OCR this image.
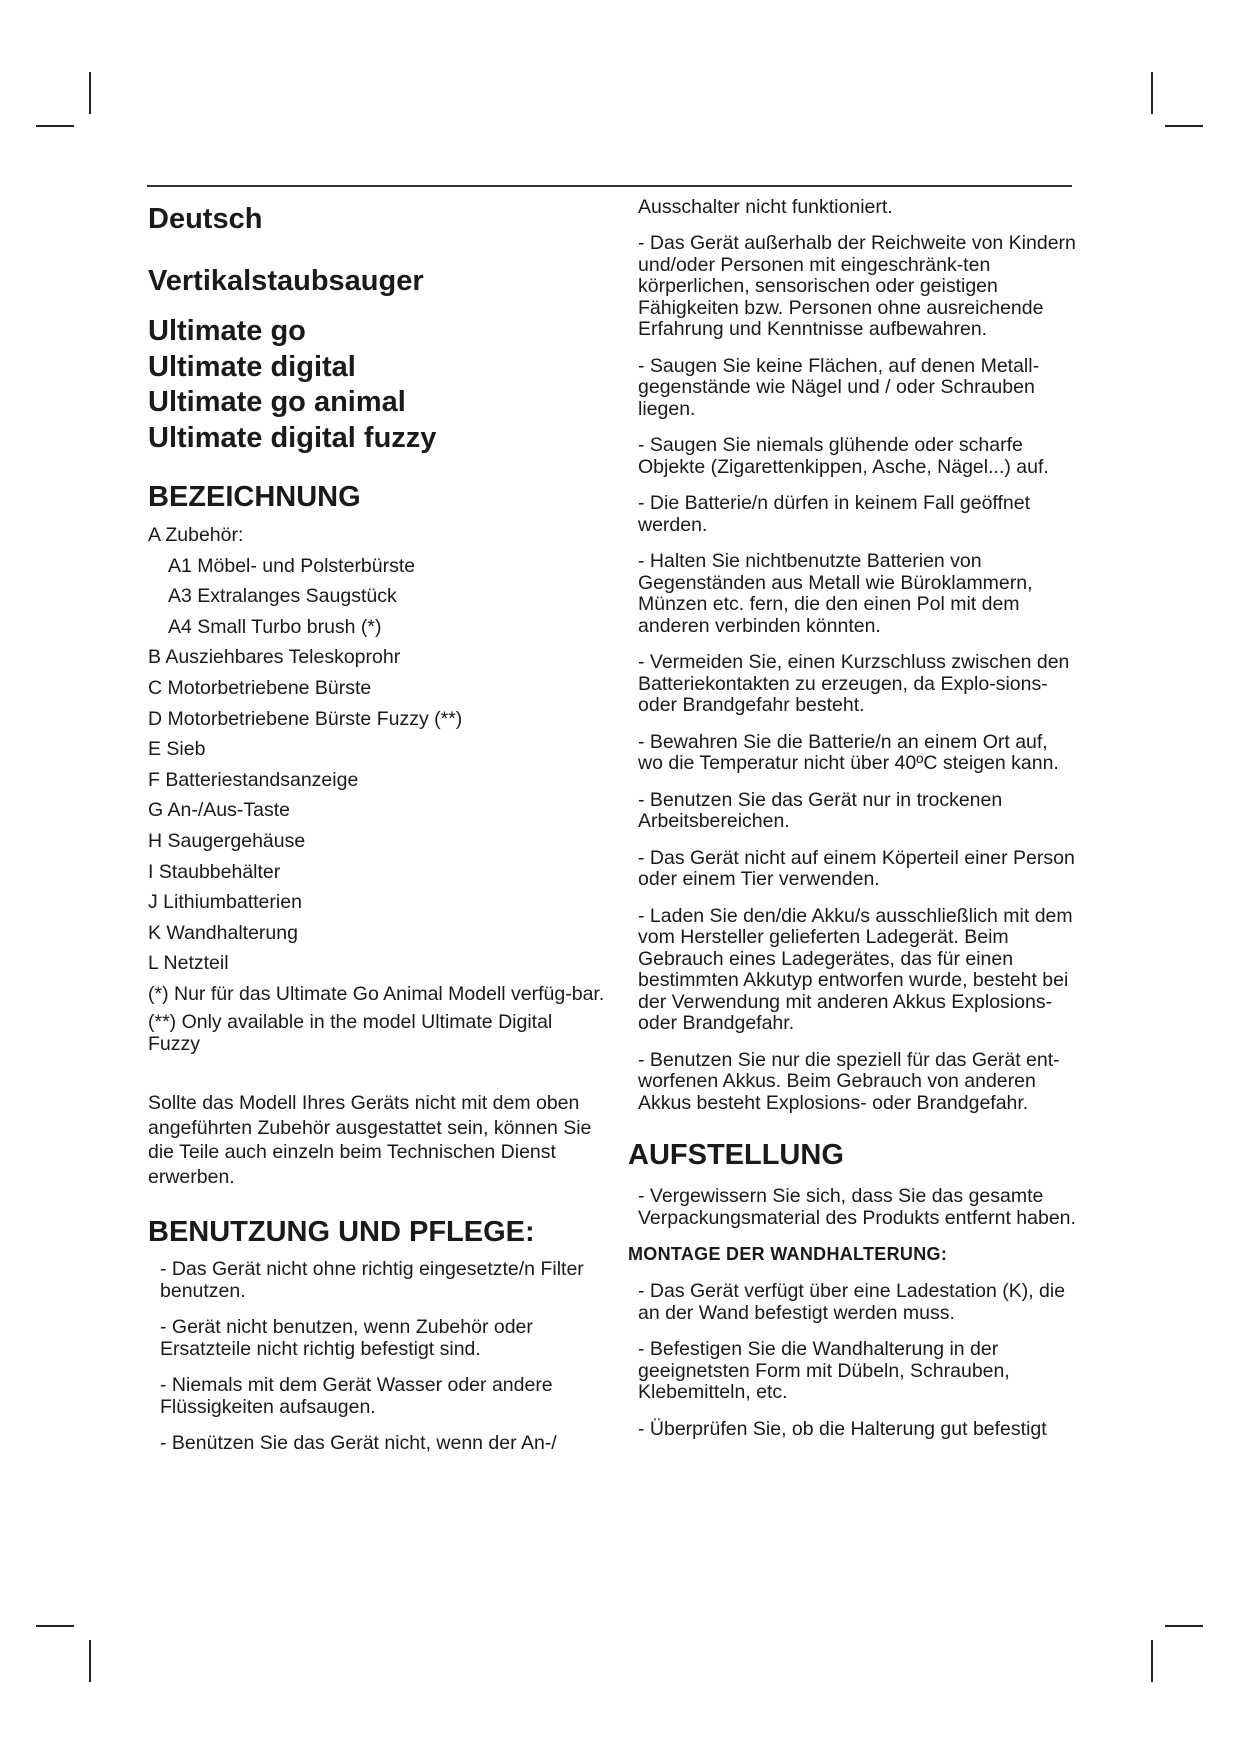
Deutsch
Vertikalstaubsauger
Ultimate go
Ultimate digital
Ultimate go animal
Ultimate digital fuzzy
BEZEICHNUNG
A Zubehör:
A1 Möbel- und Polsterbürste
A3 Extralanges Saugstück
A4 Small Turbo brush (*)
B Ausziehbares Teleskoprohr
C Motorbetriebene Bürste
D Motorbetriebene Bürste Fuzzy (**)
E Sieb
F Batteriestandsanzeige
G An-/Aus-Taste
H Saugergehäuse
I Staubbehälter
J Lithiumbatterien
K Wandhalterung
L Netzteil
(*) Nur für das Ultimate Go Animal Modell verfüg-bar.
(**) Only available in the model Ultimate Digital Fuzzy
Sollte das Modell Ihres Geräts nicht mit dem oben angeführten Zubehör ausgestattet sein, können Sie die Teile auch einzeln beim Technischen Dienst erwerben.
BENUTZUNG UND PFLEGE:
- Das Gerät nicht ohne richtig eingesetzte/n Filter benutzen.
- Gerät nicht benutzen, wenn Zubehör oder Ersatzteile nicht richtig befestigt sind.
- Niemals mit dem Gerät Wasser oder andere Flüssigkeiten aufsaugen.
- Benützen Sie das Gerät nicht, wenn der An-/
Ausschalter nicht funktioniert.
- Das Gerät außerhalb der Reichweite von Kindern und/oder Personen mit eingeschränk-ten körperlichen, sensorischen oder geistigen Fähigkeiten bzw. Personen ohne ausreichende Erfahrung und Kenntnisse aufbewahren.
- Saugen Sie keine Flächen, auf denen Metall-gegenstände wie Nägel und / oder Schrauben liegen.
- Saugen Sie niemals glühende oder scharfe Objekte (Zigarettenkippen, Asche, Nägel...) auf.
- Die Batterie/n dürfen in keinem Fall geöffnet werden.
- Halten Sie nichtbenutzte Batterien von Gegenständen aus Metall wie Büroklammern, Münzen etc. fern, die den einen Pol mit dem anderen verbinden könnten.
- Vermeiden Sie, einen Kurzschluss zwischen den Batteriekontakten zu erzeugen, da Explo-sions- oder Brandgefahr besteht.
- Bewahren Sie die Batterie/n an einem Ort auf, wo die Temperatur nicht über 40ºC steigen kann.
- Benutzen Sie das Gerät nur in trockenen Arbeitsbereichen.
- Das Gerät nicht auf einem Köperteil einer Person oder einem Tier verwenden.
- Laden Sie den/die Akku/s ausschließlich mit dem vom Hersteller gelieferten Ladegerät. Beim Gebrauch eines Ladegerätes, das für einen bestimmten Akkutyp entworfen wurde, besteht bei der Verwendung mit anderen Akkus Explosions- oder Brandgefahr.
- Benutzen Sie nur die speziell für das Gerät ent-worfenen Akkus. Beim Gebrauch von anderen Akkus besteht Explosions- oder Brandgefahr.
AUFSTELLUNG
- Vergewissern Sie sich, dass Sie das gesamte Verpackungsmaterial des Produkts entfernt haben.
MONTAGE DER WANDHALTERUNG:
- Das Gerät verfügt über eine Ladestation (K), die an der Wand befestigt werden muss.
- Befestigen Sie die Wandhalterung in der geeignetsten Form mit Dübeln, Schrauben, Klebemitteln, etc.
- Überprüfen Sie, ob die Halterung gut befestigt
